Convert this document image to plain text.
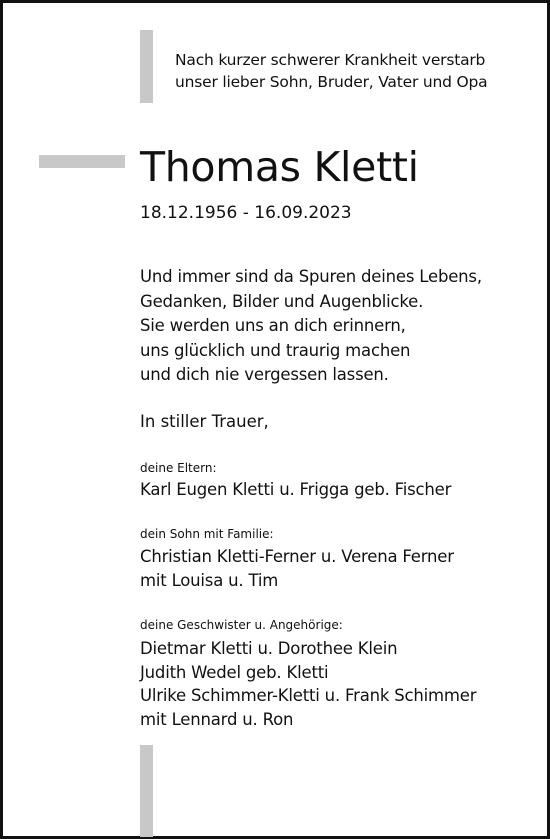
Nach kurzer schwerer Krankheit verstarb
unser lieber Sohn, Bruder, Vater und Opa
Thomas Kletti
18.12.1956 - 16.09.2023
Und immer sind da Spuren deines Lebens,
Gedanken, Bilder und Augenblicke.
Sie werden uns an dich erinnern,
uns glücklich und traurig machen
und dich nie vergessen lassen.
In stiller Trauer,
deine Eltern:
Karl Eugen Kletti u. Frigga geb. Fischer
dein Sohn mit Familie:
Christian Kletti-Ferner u. Verena Ferner
mit Louisa u. Tim
deine Geschwister u. Angehörige:
Dietmar Kletti u. Dorothee Klein
Judith Wedel geb. Kletti
Ulrike Schimmer-Kletti u. Frank Schimmer
mit Lennard u. Ron
